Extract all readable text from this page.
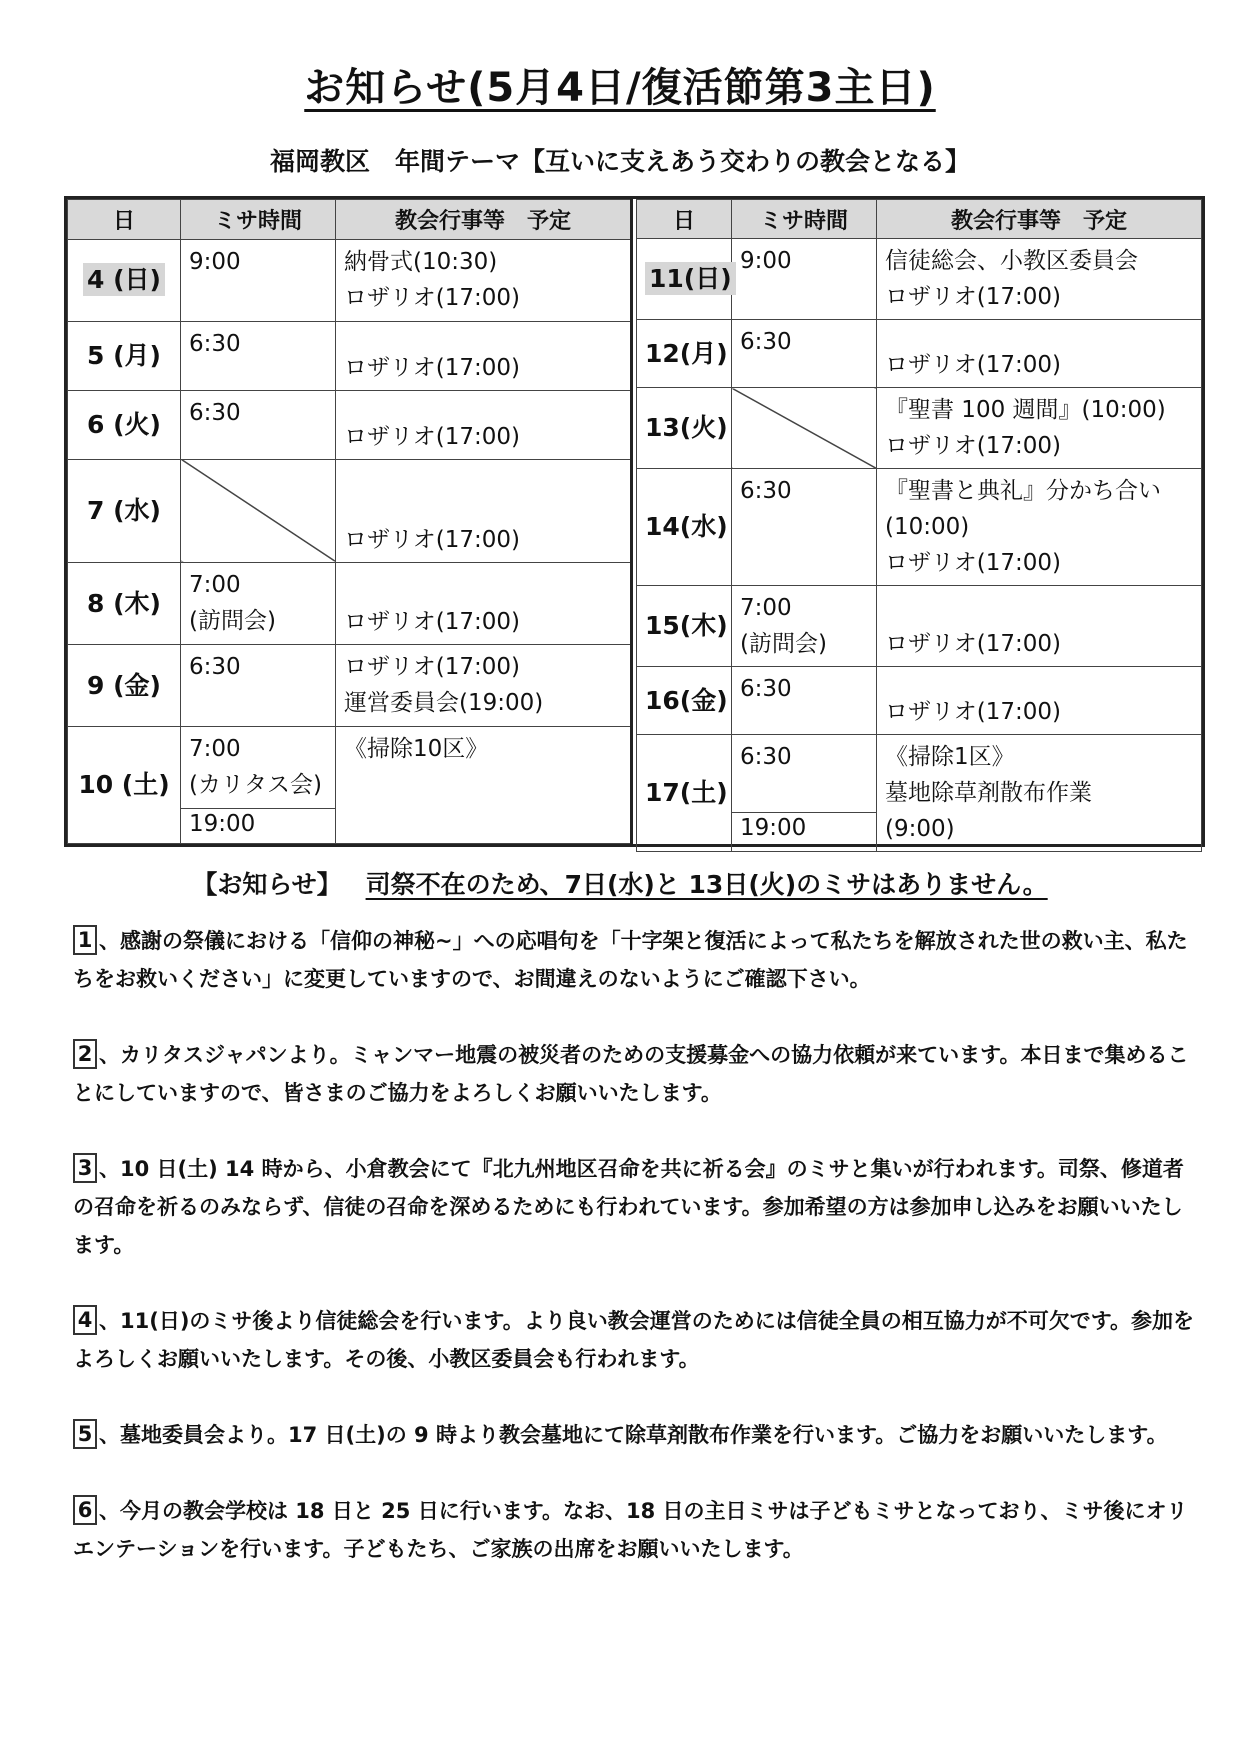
お知らせ(5月4日/復活節第3主日)
福岡教区　年間テーマ【互いに支えあう交わりの教会となる】
日	ミサ時間	教会行事等　予定
4 (日)	9:00	納骨式(10:30)
ロザリオ(17:00)

5 (月)	6:30	ロザリオ(17:00)

6 (火)	6:30	ロザリオ(17:00)

7 (水)		ロザリオ(17:00)

8 (木)	7:00
(訪問会)	ロザリオ(17:00)

9 (金)	6:30	ロザリオ(17:00)
運営委員会(19:00)

10 (土)	7:00
(カリタス会)	《掃除10区》

	19:00	
日	ミサ時間	教会行事等　予定
11(日)	9:00	信徒総会、小教区委員会
ロザリオ(17:00)

12(月)	6:30	ロザリオ(17:00)

13(火)		『聖書 100 週間』(10:00)
ロザリオ(17:00)

14(水)	6:30	『聖書と典礼』分かち合い
(10:00)
ロザリオ(17:00)

15(木)	7:00
(訪問会)	ロザリオ(17:00)

16(金)	6:30	ロザリオ(17:00)

17(土)	6:30	《掃除1区》
墓地除草剤散布作業
(9:00)

	19:00	
【お知らせ】 司祭不在のため、7日(水)と 13日(火)のミサはありません。
1 、感謝の祭儀における「信仰の神秘~」への応唱句を「十字架と復活によって私たちを解放された世の救い主、私たちをお救いください」に変更していますので、お間違えのないようにご確認下さい。
2 、カリタスジャパンより。ミャンマー地震の被災者のための支援募金への協力依頼が来ています。本日まで集めることにしていますので、皆さまのご協力をよろしくお願いいたします。
3 、10 日(土) 14 時から、小倉教会にて『北九州地区召命を共に祈る会』のミサと集いが行われます。司祭、修道者の召命を祈るのみならず、信徒の召命を深めるためにも行われています。参加希望の方は参加申し込みをお願いいたします。
4 、11(日)のミサ後より信徒総会を行います。より良い教会運営のためには信徒全員の相互協力が不可欠です。参加をよろしくお願いいたします。その後、小教区委員会も行われます。
5 、墓地委員会より。17 日(土)の 9 時より教会墓地にて除草剤散布作業を行います。ご協力をお願いいたします。
6 、今月の教会学校は 18 日と 25 日に行います。なお、18 日の主日ミサは子どもミサとなっており、ミサ後にオリエンテーションを行います。子どもたち、ご家族の出席をお願いいたします。
